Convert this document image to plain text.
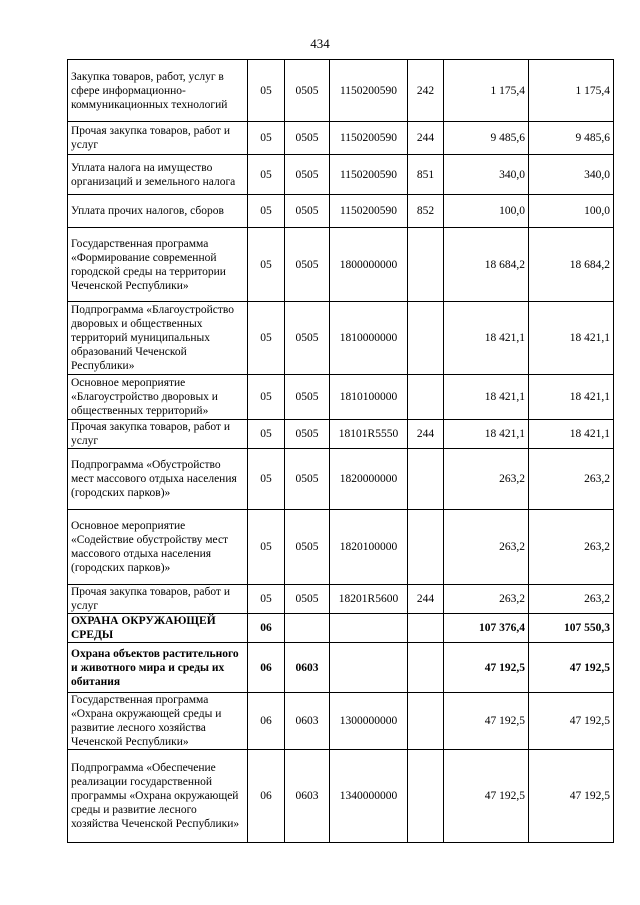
434
Закупка товаров, работ, услуг в сфере информационно-коммуникационных технологий	05	0505	1150200590	242	1 175,4	1 175,4
Прочая закупка товаров, работ и услуг	05	0505	1150200590	244	9 485,6	9 485,6
Уплата налога на имущество организаций и земельного налога	05	0505	1150200590	851	340,0	340,0
Уплата прочих налогов, сборов	05	0505	1150200590	852	100,0	100,0
Государственная программа «Формирование современной городской среды на территории Чеченской Республики»	05	0505	1800000000		18 684,2	18 684,2
Подпрограмма «Благоустройство дворовых и общественных территорий муниципальных образований Чеченской Республики»	05	0505	1810000000		18 421,1	18 421,1
Основное мероприятие «Благоустройство дворовых и общественных территорий»	05	0505	1810100000		18 421,1	18 421,1
Прочая закупка товаров, работ и услуг	05	0505	18101R5550	244	18 421,1	18 421,1
Подпрограмма «Обустройство мест массового отдыха населения (городских парков)»	05	0505	1820000000		263,2	263,2
Основное мероприятие «Содействие обустройству мест массового отдыха населения (городских парков)»	05	0505	1820100000		263,2	263,2
Прочая закупка товаров, работ и услуг	05	0505	18201R5600	244	263,2	263,2
ОХРАНА ОКРУЖАЮЩЕЙ СРЕДЫ	06				107 376,4	107 550,3
Охрана объектов растительного и животного мира и среды их обитания	06	0603			47 192,5	47 192,5
Государственная программа «Охрана окружающей среды и развитие лесного хозяйства Чеченской Республики»	06	0603	1300000000		47 192,5	47 192,5
Подпрограмма «Обеспечение реализации государственной программы «Охрана окружающей среды и развитие лесного хозяйства Чеченской Республики»	06	0603	1340000000		47 192,5	47 192,5
